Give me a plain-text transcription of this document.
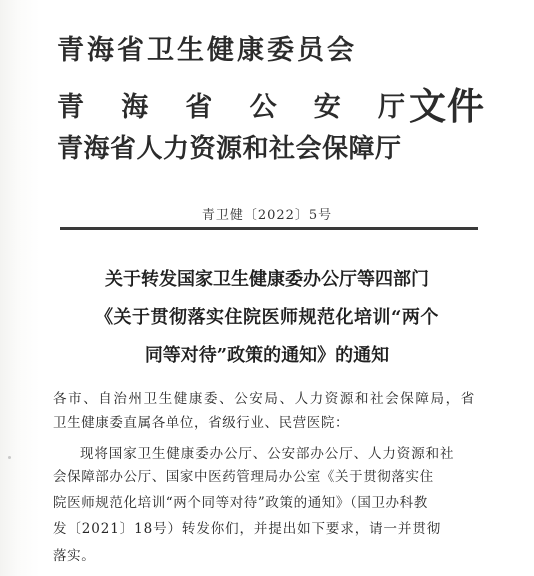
青海省卫生健康委员会
青海省公安厅 文件
青海省人力资源和社会保障厅
青卫健〔2022〕5号
关于转发国家卫生健康委办公厅等四部门
《关于贯彻落实住院医师规范化培训“两个
同等对待”政策的通知》的通知
各市、自治州卫生健康委、公安局、人力资源和社会保障局，省
卫生健康委直属各单位，省级行业、民营医院：
现将国家卫生健康委办公厅、公安部办公厅、人力资源和社
会保障部办公厅、国家中医药管理局办公室《关于贯彻落实住
院医师规范化培训“两个同等对待”政策的通知》（国卫办科教
发〔2021〕18号）转发你们，并提出如下要求，请一并贯彻
落实。
